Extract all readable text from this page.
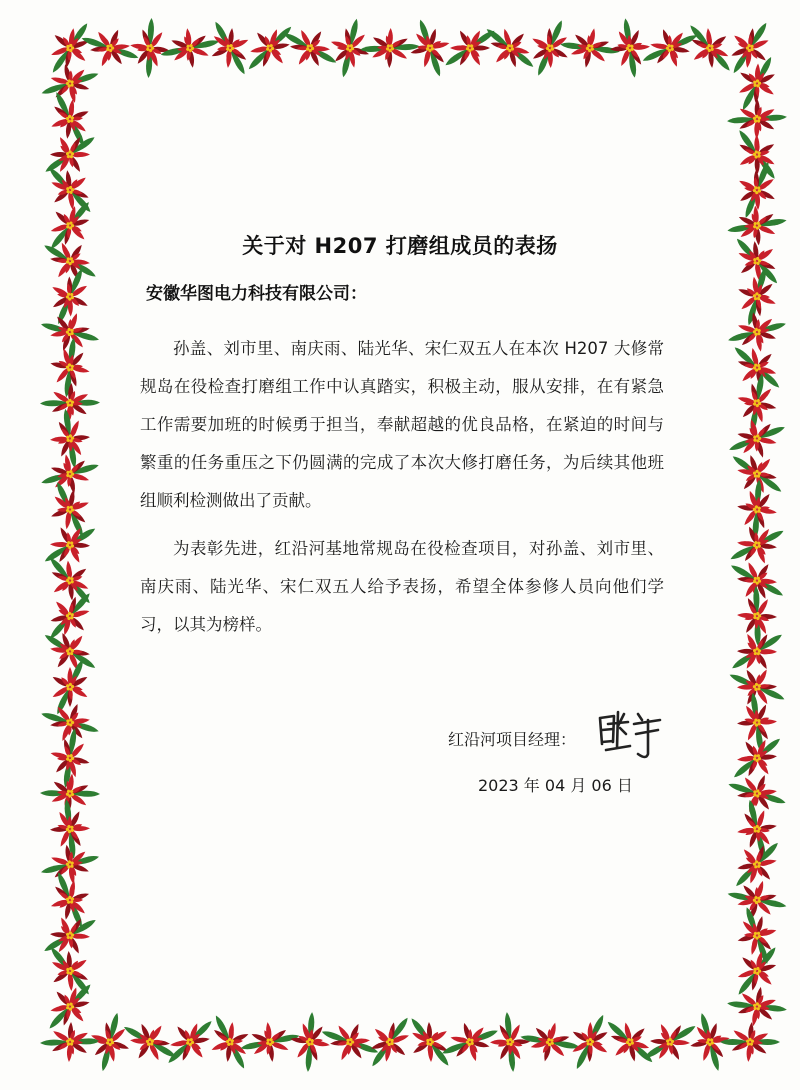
关于对 H207 打磨组成员的表扬
安徽华图电力科技有限公司：
孙盖、刘市里、南庆雨、陆光华、宋仁双五人在本次 H207 大修常规岛在役检查打磨组工作中认真踏实，积极主动，服从安排，在有紧急工作需要加班的时候勇于担当，奉献超越的优良品格，在紧迫的时间与繁重的任务重压之下仍圆满的完成了本次大修打磨任务，为后续其他班组顺利检测做出了贡献。
为表彰先进，红沿河基地常规岛在役检查项目，对孙盖、刘市里、南庆雨、陆光华、宋仁双五人给予表扬，希望全体参修人员向他们学习，以其为榜样。
红沿河项目经理：
2023 年 04 月 06 日
